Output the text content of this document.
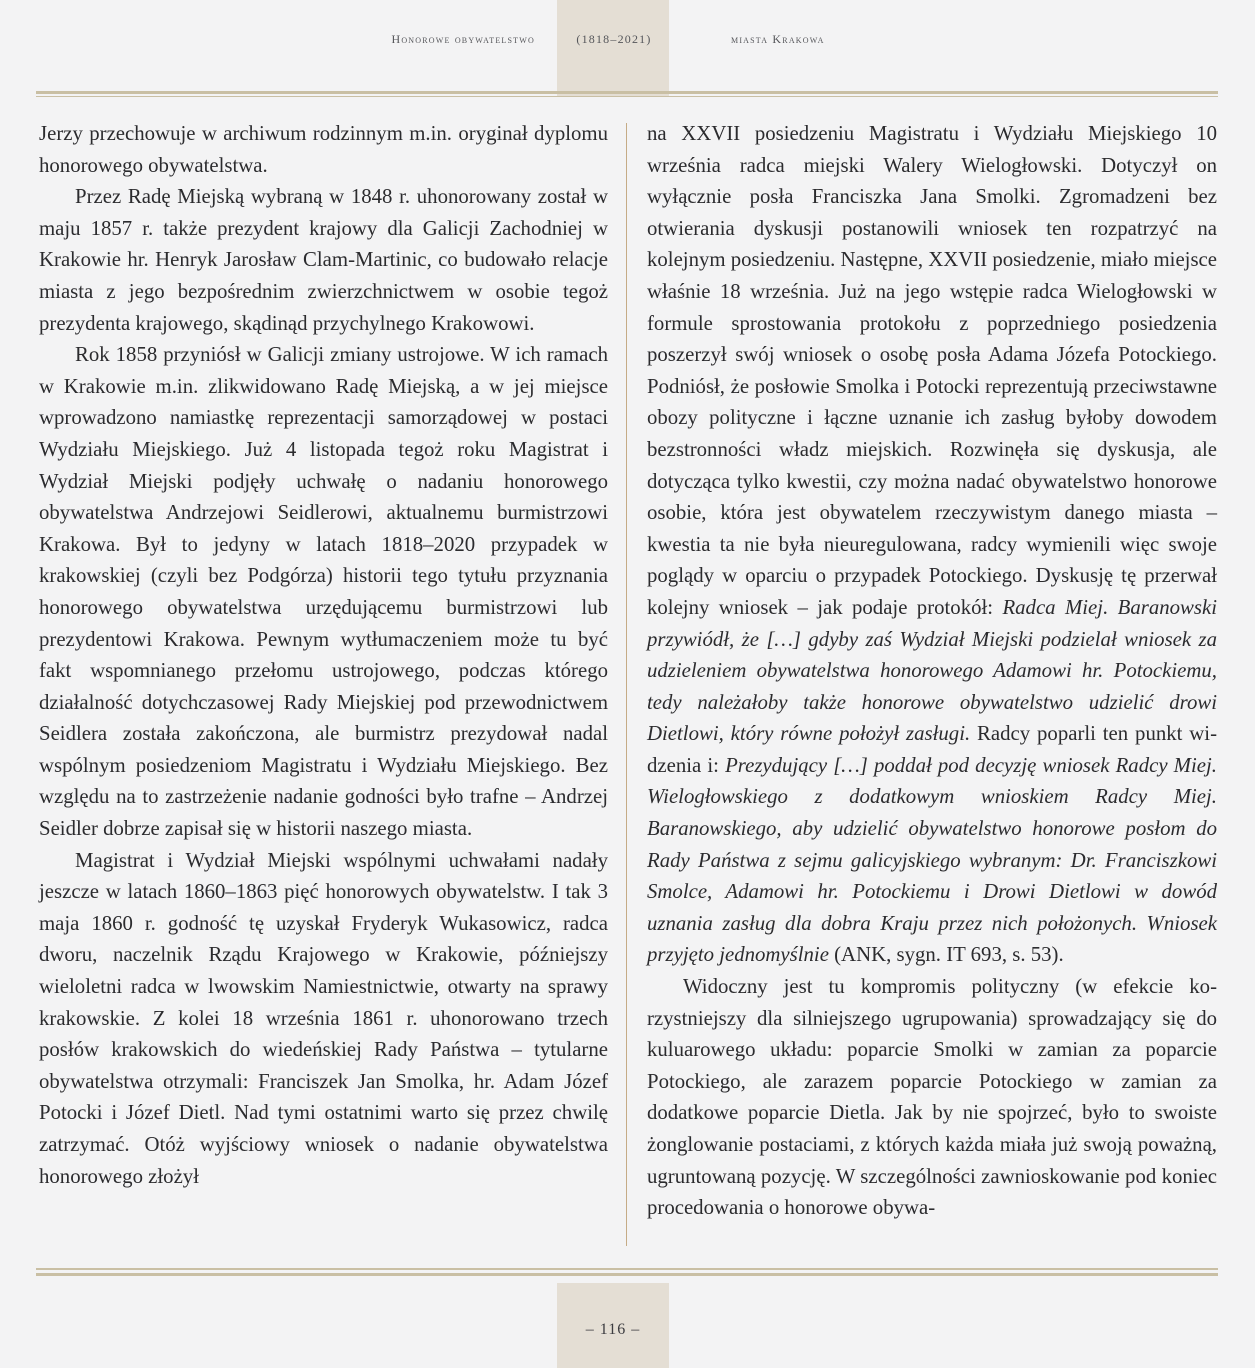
Honorowe obywatelstwo	(1818–2021)	miasta Krakowa

Jerzy przechowuje w archiwum rodzinnym m.in. oryginał dyplomu honorowego obywatelstwa.

Przez Radę Miejską wybraną w 1848 r. uhonorowany został w maju 1857 r. także prezydent krajowy dla Galicji Zachodniej w Krakowie hr. Henryk Jarosław Clam-Martinic, co budowało relacje miasta z jego bezpośrednim zwierzchnictwem w osobie tegoż prezydenta krajowego, skądinąd przychylnego Krakowowi.

Rok 1858 przyniósł w Galicji zmiany ustrojowe. W ich ramach w Krakowie m.in. zlikwidowano Radę Miejską, a w jej miejsce wprowadzono namiastkę reprezentacji samorządowej w postaci Wydziału Miejskiego. Już 4 listopada tegoż roku Magistrat i Wydział Miejski podjęły uchwałę o nadaniu honorowego obywatelstwa Andrzejowi Seidlerowi, aktualnemu burmistrzowi Krakowa. Był to jedyny w latach 1818–2020 przypadek w krakowskiej (czyli bez Podgórza) historii tego tytułu przyznania honorowego obywatelstwa urzędującemu burmistrzowi lub prezydentowi Krakowa. Pewnym wytłumaczeniem może tu być fakt wspomnianego przełomu ustrojowego, podczas którego działalność dotychczasowej Rady Miejskiej pod przewodnictwem Seidlera została zakończona, ale burmistrz prezydował nadal wspólnym posiedzeniom Magistratu i Wydziału Miejskiego. Bez względu na to zastrzeżenie nadanie godności było trafne – Andrzej Seidler dobrze zapisał się w historii naszego miasta.

Magistrat i Wydział Miejski wspólnymi uchwałami nadały jeszcze w latach 1860–1863 pięć honorowych obywatelstw. I tak 3 maja 1860 r. godność tę uzyskał Fryderyk Wukasowicz, radca dworu, naczelnik Rządu Krajowego w Krakowie, późniejszy wieloletni radca w lwowskim Namiestnictwie, otwarty na sprawy krakowskie. Z kolei 18 września 1861 r. uhonorowano trzech posłów krakowskich do wiedeńskiej Rady Państwa – tytularne obywatelstwa otrzymali: Franciszek Jan Smolka, hr. Adam Józef Potocki i Józef Dietl. Nad tymi ostatnimi warto się przez chwilę zatrzymać. Otóż wyjściowy wniosek o nadanie obywatelstwa honorowego złożył

na XXVII posiedzeniu Magistratu i Wydziału Miejskiego 10 września radca miejski Walery Wielogłowski. Dotyczył on wyłącznie posła Franciszka Jana Smolki. Zgromadzeni bez otwierania dyskusji postanowili wniosek ten rozpatrzyć na kolejnym posiedzeniu. Następne, XXVII posiedzenie, miało miejsce właśnie 18 września. Już na jego wstępie radca Wielogłowski w formule sprostowania protokołu z poprzedniego posiedzenia poszerzył swój wniosek o osobę posła Adama Józefa Potockiego. Podniósł, że posłowie Smolka i Potocki reprezentują przeciwstawne obozy polityczne i łączne uznanie ich zasług byłoby dowodem bezstronności władz miejskich. Rozwinęła się dyskusja, ale dotycząca tylko kwestii, czy można nadać obywatelstwo honorowe osobie, która jest obywatelem rzeczywistym danego miasta – kwestia ta nie była nieuregulowana, radcy wymienili więc swoje poglądy w oparciu o przypadek Potockiego. Dyskusję tę przerwał kolejny wniosek – jak podaje protokół: Radca Miej. Baranowski przywiódł, że […] gdyby zaś Wydział Miejski podzielał wniosek za udzieleniem obywatelstwa honorowego Adamowi hr. Potockiemu, tedy należałoby także honorowe obywatelstwo udzielić drowi Dietlowi, który równe położył zasługi. Radcy poparli ten punkt widzenia i: Prezydujący […] poddał pod decyzję wniosek Radcy Miej. Wielogłowskiego z dodatkowym wnioskiem Radcy Miej. Baranowskiego, aby udzielić obywatelstwo honorowe posłom do Rady Państwa z sejmu galicyjskiego wybranym: Dr. Franciszkowi Smolce, Adamowi hr. Potockiemu i Drowi Dietlowi w dowód uznania zasług dla dobra Kraju przez nich położonych. Wniosek przyjęto jednomyślnie (ANK, sygn. IT 693, s. 53).

Widoczny jest tu kompromis polityczny (w efekcie korzystniejszy dla silniejszego ugrupowania) sprowadzający się do kuluarowego układu: poparcie Smolki w zamian za poparcie Potockiego, ale zarazem poparcie Potockiego w zamian za dodatkowe poparcie Dietla. Jak by nie spojrzeć, było to swoiste żonglowanie postaciami, z których każda miała już swoją poważną, ugruntowaną pozycję. W szczególności zawnioskowanie pod koniec procedowania o honorowe obywa-

– 116 –
